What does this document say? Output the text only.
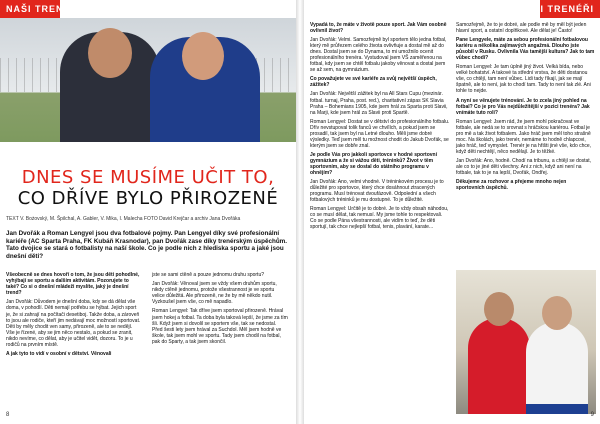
NAŠI TRENÉŘI
DNES SE MUSÍME UČIT TO,
CO DŘÍVE BYLO PŘIROZENÉ
TEXT V. Bożovský, M. Špilchal, A. Gabler, V. Mika, I. Malecha FOTO David Krejčar a archiv Jana Dvořáka
Jan Dvořák a Roman Lengyel jsou dva fotbalové pojmy. Pan Lengyel díky své profesionální kariéře (AC Sparta Praha, FK Kubáň Krasnodar), pan Dvořák zase díky trenérským úspěchům. Tato dvojice se stará o fotbalisty na naší škole. Co je podle nich z hlediska sportu a jaké jsou dnešní děti?

Všeobecně se dnes hovoří o tom, že jsou děti pohodlné, vyhýbají se sportu a dalším aktivitám. Pozorujete to také? Co si o dnešní mládeži myslíte, jaký je dnešní trend?

Jan Dvořák: Důvodem je dnešní doba, kdy se dá dělat vše doma, v pohodlí. Děti nemají potřebu se hýbat. Jejich sport je, že si zahrají na počítači desetiboj. Takže doba, a zároveň to jsou ale rodiče, kteří jim nedávají moc možností sportovat. Děti by měly chodit ven samy, přirozeně, ale to se nedějí. Vše je řízené, aby se jim něco nestalo, a pokud se zranit, nikdo nevíme, co dělat, aby je učitel vidět, dozoru. To je u rodičů na prvním místě.

A jak tyto to vidí v osobní v dětství. Věnovali

jste se sami ctěně a pouze jednomu druhu sportu?

Jan Dvořák: Věnoval jsem se vždy všem druhům sportu, nikdy ctěně jednomu, protože všestrannost je ve sportu velice důležitá. Ale přirozeně, ne že by mě někdo nutil. Vyzkoušel jsem vše, co mě napadlo.

Roman Lengyel: Tak dříve jsem sportoval přirozeně. Hrával jsem hokej a fotbal. Ta doba byla taková lepší, že jsme za tím šli. Když jsem si dovolil se sportem vše, tak se nedostal. Před šesti lety jsem hrával za Suchdol. Měl jsem hodně ve škole, tak jsem mohl ve sportu. Tady jsem chodil na fotbal, pak do Sparty, a tak jsem skončil.

8
NAŠI TRENÉŘI

Vypadá to, že máte v životě pouze sport. Jak Vám osobně ovlivnil život?

Jan Dvořák: Velmi. Samozřejmě byl sportem tělo jedna fotbal, který mě průřezem celého života ovlivňuje a dostal mě až do dnes. Dostal jsem se do Dynama, to mi umožnilo ocenit profesionálního trenéra. Vystudoval jsem VŠ zaměřenou na fotbal, kdy jsem se chtěl fotbalu jakoby věnovat a dostal jsem se až sem, na gymnázium.

Co považujete ve své kariéře za svůj největší úspěch, zážitek?

Jan Dvořák: Největší zážitek byl na All Stars Cupu (mezinár. fotbal. turnaj, Praha, post. red.), charitativní zápas SK Slavia Praha – Bohemians 1905, kde jsem hrál za Sparta proti Slavii, na Marji, kde jsem hrál za Slavii proti Spartě.

Roman Lengyel: Dostat se v dětství do profesionálního fotbalu. Dřív nevstupoval tolik fanců ve chvílích, a pokud jsem se prosadil, tak jsem byl na Letné dlouho. Měli jsme dobré výsledky. Teď jsem měl tu možnost chodit do Jakub Dvořák, se kterým jsem se dobře znal.

Je podle Vás pro jakkoli sportovce v hodné sportovní gymnázium a že si vážou děti, tréninků? Život v těm sportovním, aby se dostal do státního programu v ohnějím?

Jan Dvořák: Ano, velmi vhodné. V tréninkovém procesu je to důležité pro sportovce, který chce dosáhnout ztracených programu. Musí trénovat dvoufázově. Odpolední a všech fotbalových tréninků je mu dostupné. To je důležité.

Roman Lengyel: Určitě je to dobré. Je to vždy obsah náhodou, co se musí dělat, tak nemusí. My jsme tohle to respektovali. Co se podle Pána všestrannosti, ale vidím to teď, že děti sportují, tak chce nejlepší fotbal, tenis, plavání, karate...

Samozřejmě, že to je dobré, ale podle mě by měl být jeden hlavní sport, a ostatní doplňkové. Ale dělat je! Často!

Pane Lengyele, máte za sebou profesionální fotbalovou kariéru a několika zajímavých angažmá. Dlouho jste působil v Rusku. Ovlivnila Vás tamější kultura? Jak to tam vůbec chodí?

Roman Lengyel: Je tam úplně jiný život. Velká bída, nebo velké bohatství. A takové ta střední vrstva, že děti dostanou vše, co chtějí, tam není vůbec. Lidi tady říkají, jak se mají špatně, ale to není, jak to chodí tam. Tady to není tak zlé. Ani tohle to nejde.

A nyní se věnujete trénování. Je to zcela jiný pohled na fotbal? Co je pro Vás nejdůležitější v pozici trenéra? Jak vnímáte tuto roli?

Roman Lengyel: Jsem rád, že jsem mohl pokračovat ve fotbale, ale nedá se to srovnat s hráčskou kariérou. Fotbal je pro mě a tak život fotbalem. Jako hráč jsem měl toho strašně moc. Na školách, jako trenér, nemáme to hodně chlapcovi, jako hráč, teď vymyslet. Trenér je na hřišti jiné vše, kdo chce, když děti nechtějí, něco nedělají. Je to těžké.

Jan Dvořák: Ano, hodně. Chodí na tribunu, a chtějí se dostat, ale co to je jiné děti všechny. Ani z nich, když ani není na fotbale, tak to je na lepší, Dvořák, Ondřej.

Děkujeme za rozhovor a přejeme mnoho nejen sportovních úspěchů.

9
